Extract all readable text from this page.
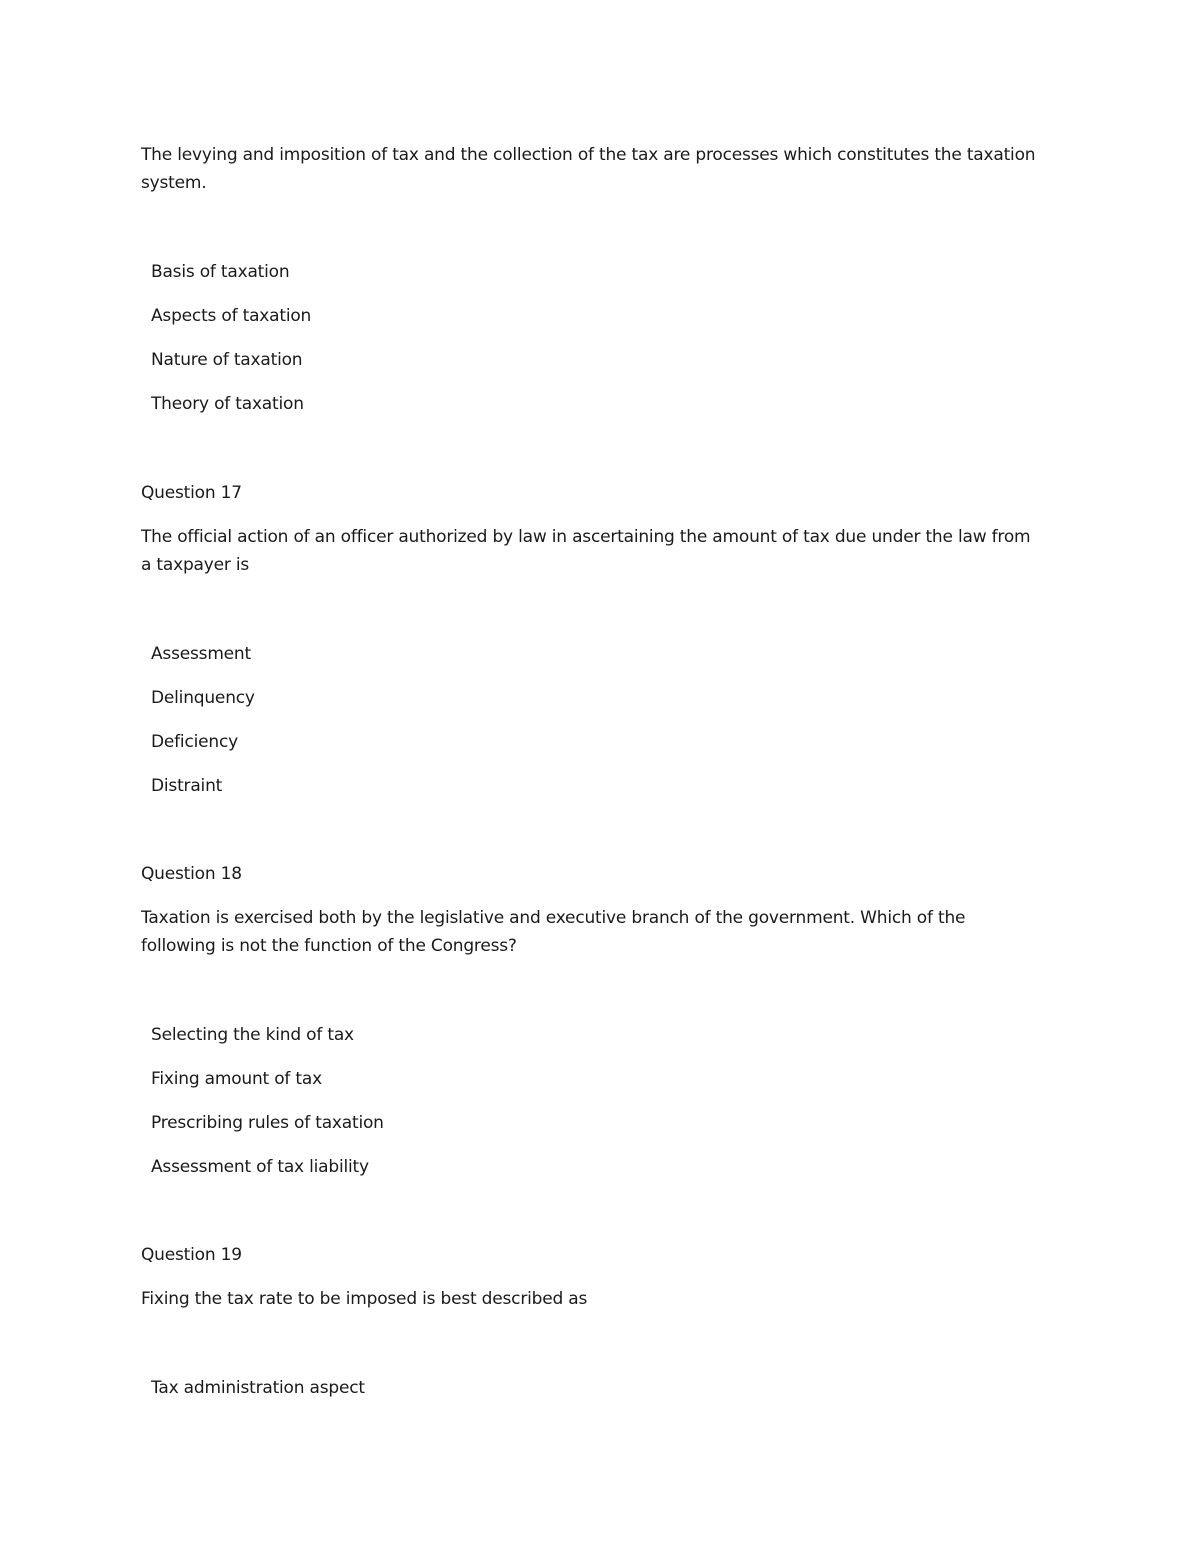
The levying and imposition of tax and the collection of the tax are processes which constitutes the taxation system.
Basis of taxation
Aspects of taxation
Nature of taxation
Theory of taxation
Question 17
The official action of an officer authorized by law in ascertaining the amount of tax due under the law from a taxpayer is
Assessment
Delinquency
Deficiency
Distraint
Question 18
Taxation is exercised both by the legislative and executive branch of the government. Which of the following is not the function of the Congress?
Selecting the kind of tax
Fixing amount of tax
Prescribing rules of taxation
Assessment of tax liability
Question 19
Fixing the tax rate to be imposed is best described as
Tax administration aspect
